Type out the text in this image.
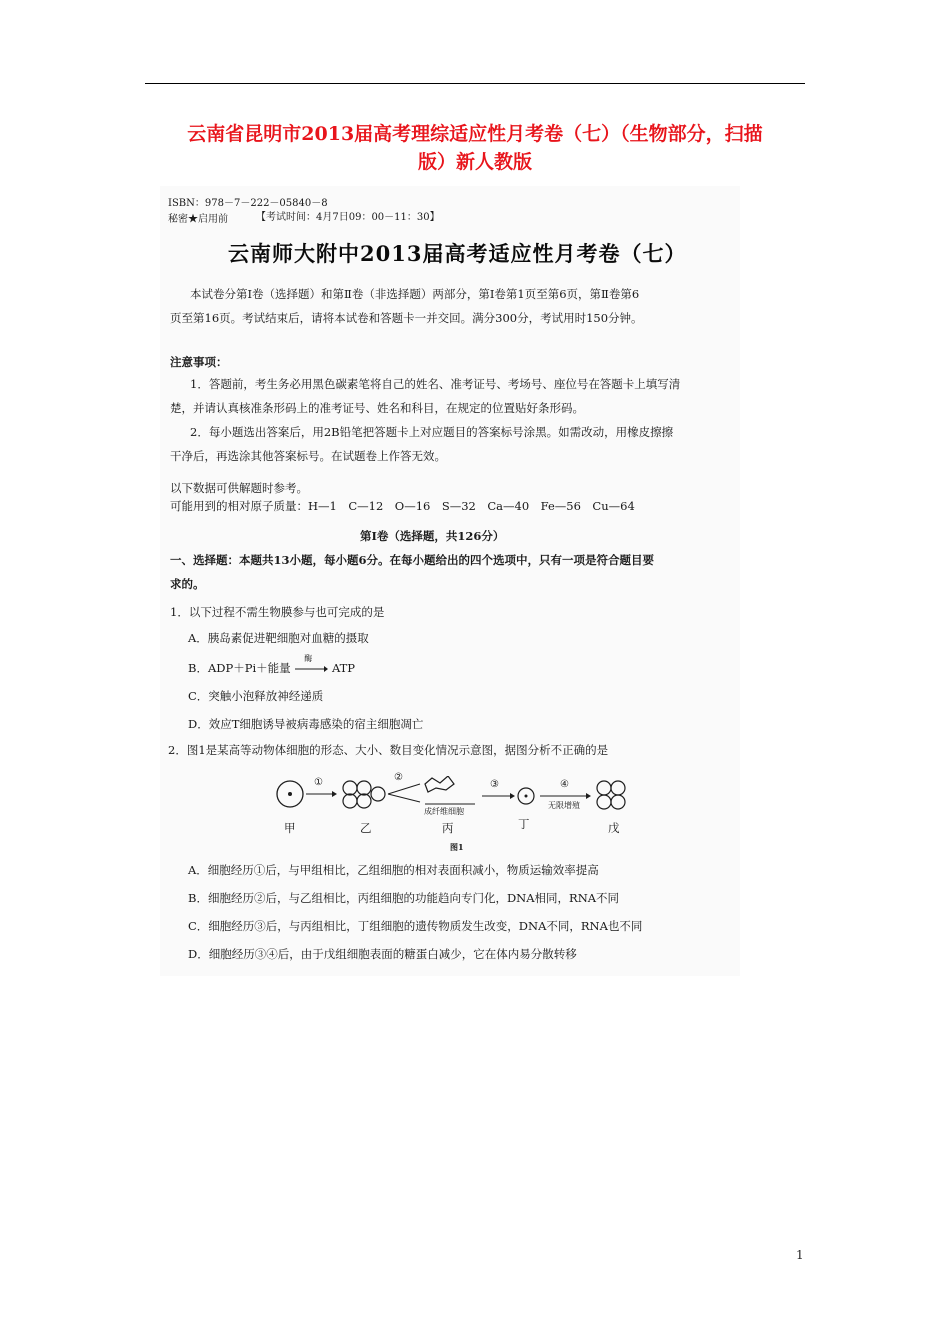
云南省昆明市2013届高考理综适应性月考卷（七）（生物部分，扫描
版）新人教版
ISBN：978－7－222－05840－8
秘密★启用前	【考试时间：4月7日09：00－11：30】
云南师大附中2013届高考适应性月考卷（七）
本试卷分第Ⅰ卷（选择题）和第Ⅱ卷（非选择题）两部分，第Ⅰ卷第1页至第6页，第Ⅱ卷第6
页至第16页。考试结束后，请将本试卷和答题卡一并交回。满分300分，考试用时150分钟。
注意事项：
1．答题前，考生务必用黑色碳素笔将自己的姓名、准考证号、考场号、座位号在答题卡上填写清
楚，并请认真核准条形码上的准考证号、姓名和科目，在规定的位置贴好条形码。
2．每小题选出答案后，用2B铅笔把答题卡上对应题目的答案标号涂黑。如需改动，用橡皮擦擦
干净后，再选涂其他答案标号。在试题卷上作答无效。
以下数据可供解题时参考。
可能用到的相对原子质量：H—1　C—12　O—16　S—32　Ca—40　Fe—56　Cu—64
第Ⅰ卷（选择题，共126分）
一、选择题：本题共13小题，每小题6分。在每小题给出的四个选项中，只有一项是符合题目要
求的。
1．以下过程不需生物膜参与也可完成的是
A．胰岛素促进靶细胞对血糖的摄取
B．ADP＋Pi＋能量
酶
ATP
C．突触小泡释放神经递质
D．效应T细胞诱导被病毒感染的宿主细胞凋亡
2．图1是某高等动物体细胞的形态、大小、数目变化情况示意图，据图分析不正确的是
①	②
③	④
成纤维细胞
无限增殖
甲	乙	丙	丁	戊
图1
A．细胞经历①后，与甲组相比，乙组细胞的相对表面积减小，物质运输效率提高
B．细胞经历②后，与乙组相比，丙组细胞的功能趋向专门化，DNA相同，RNA不同
C．细胞经历③后，与丙组相比，丁组细胞的遗传物质发生改变，DNA不同，RNA也不同
D．细胞经历③④后，由于戊组细胞表面的糖蛋白减少，它在体内易分散转移
1
